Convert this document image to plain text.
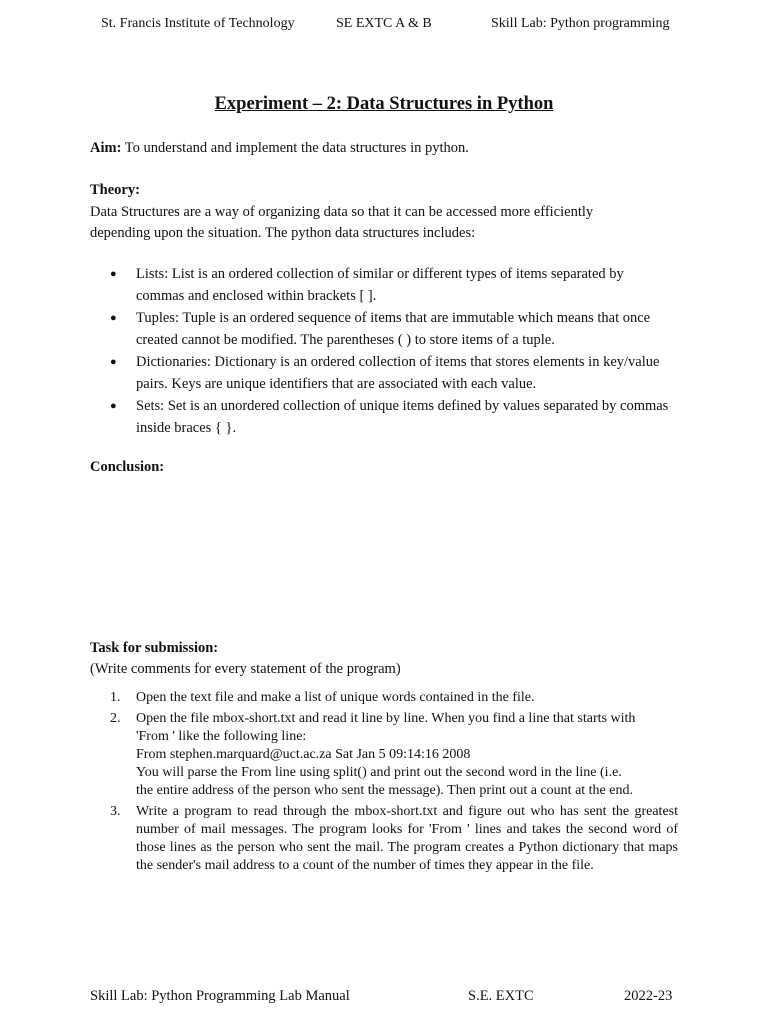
St. Francis Institute of Technology	SE EXTC A & B	Skill Lab: Python programming
Experiment – 2: Data Structures in Python
Aim: To understand and implement the data structures in python.
Theory:
Data Structures are a way of organizing data so that it can be accessed more efficiently
depending upon the situation. The python data structures includes:
●	Lists: List is an ordered collection of similar or different types of items separated by commas and enclosed within brackets [ ].
●	Tuples: Tuple is an ordered sequence of items that are immutable which means that once created cannot be modified. The parentheses ( ) to store items of a tuple.
●	Dictionaries: Dictionary is an ordered collection of items that stores elements in key/value pairs. Keys are unique identifiers that are associated with each value.
●	Sets: Set is an unordered collection of unique items defined by values separated by commas inside braces { }.
Conclusion:
Task for submission:
(Write comments for every statement of the program)
1.	Open the text file and make a list of unique words contained in the file.
2.	Open the file mbox-short.txt and read it line by line. When you find a line that starts with
'From ' like the following line:
From stephen.marquard@uct.ac.za Sat Jan 5 09:14:16 2008
You will parse the From line using split() and print out the second word in the line (i.e.
the entire address of the person who sent the message). Then print out a count at the end.
3.	Write a program to read through the mbox-short.txt and figure out who has sent the greatest number of mail messages. The program looks for 'From ' lines and takes the second word of those lines as the person who sent the mail. The program creates a Python dictionary that maps the sender's mail address to a count of the number of times they appear in the file.
Skill Lab: Python Programming Lab Manual	S.E. EXTC	2022-23
